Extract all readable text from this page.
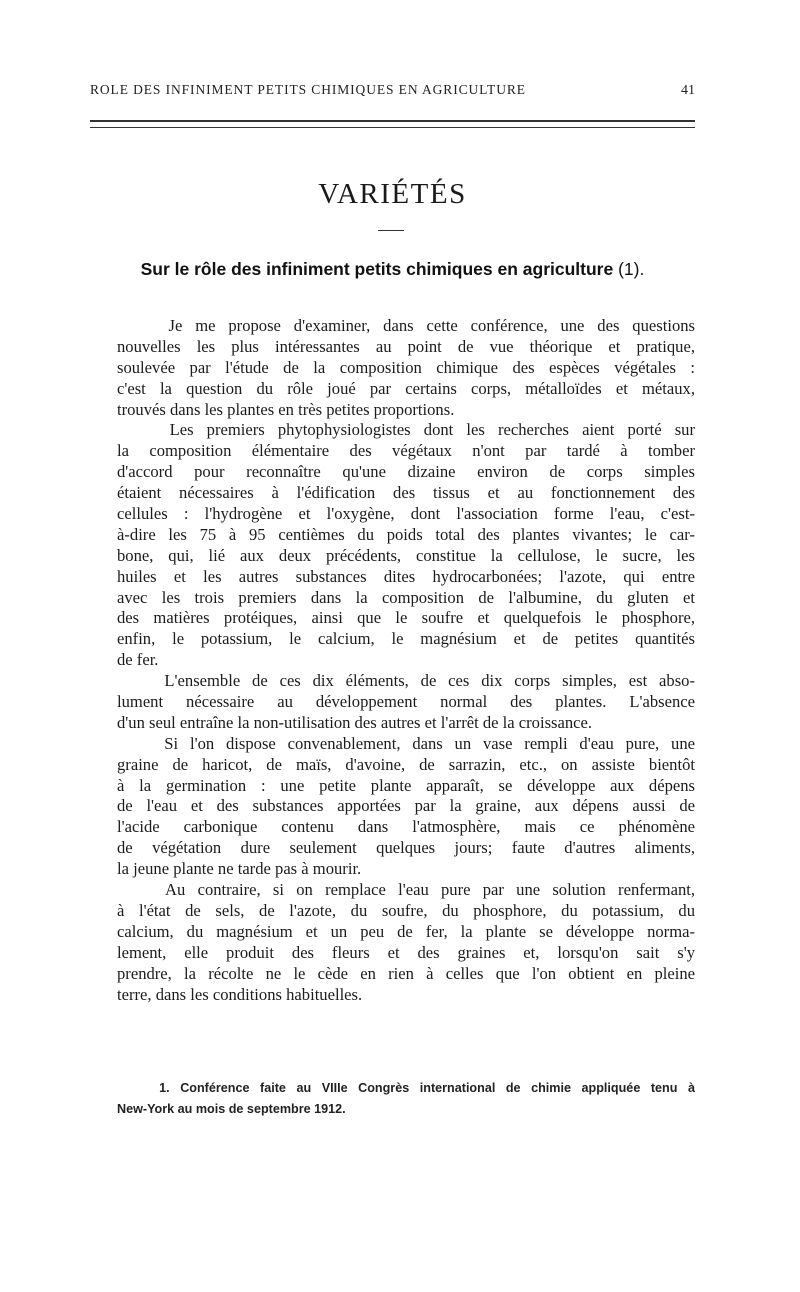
ROLE DES INFINIMENT PETITS CHIMIQUES EN AGRICULTURE	41
VARIÉTÉS
Sur le rôle des infiniment petits chimiques en agriculture (1).
Je me propose d'examiner, dans cette conférence, une des questions
nouvelles les plus intéressantes au point de vue théorique et pratique,
soulevée par l'étude de la composition chimique des espèces végétales :
c'est la question du rôle joué par certains corps, métalloïdes et métaux,
trouvés dans les plantes en très petites proportions.
Les premiers phytophysiologistes dont les recherches aient porté sur
la composition élémentaire des végétaux n'ont par tardé à tomber
d'accord pour reconnaître qu'une dizaine environ de corps simples
étaient nécessaires à l'édification des tissus et au fonctionnement des
cellules : l'hydrogène et l'oxygène, dont l'association forme l'eau, c'est-
à-dire les 75 à 95 centièmes du poids total des plantes vivantes; le car-
bone, qui, lié aux deux précédents, constitue la cellulose, le sucre, les
huiles et les autres substances dites hydrocarbonées; l'azote, qui entre
avec les trois premiers dans la composition de l'albumine, du gluten et
des matières protéiques, ainsi que le soufre et quelquefois le phosphore,
enfin, le potassium, le calcium, le magnésium et de petites quantités
de fer.
L'ensemble de ces dix éléments, de ces dix corps simples, est abso-
lument nécessaire au développement normal des plantes. L'absence
d'un seul entraîne la non-utilisation des autres et l'arrêt de la croissance.
Si l'on dispose convenablement, dans un vase rempli d'eau pure, une
graine de haricot, de maïs, d'avoine, de sarrazin, etc., on assiste bientôt
à la germination : une petite plante apparaît, se développe aux dépens
de l'eau et des substances apportées par la graine, aux dépens aussi de
l'acide carbonique contenu dans l'atmosphère, mais ce phénomène
de végétation dure seulement quelques jours; faute d'autres aliments,
la jeune plante ne tarde pas à mourir.
Au contraire, si on remplace l'eau pure par une solution renfermant,
à l'état de sels, de l'azote, du soufre, du phosphore, du potassium, du
calcium, du magnésium et un peu de fer, la plante se développe norma-
lement, elle produit des fleurs et des graines et, lorsqu'on sait s'y
prendre, la récolte ne le cède en rien à celles que l'on obtient en pleine
terre, dans les conditions habituelles.
1. Conférence faite au VIIIe Congrès international de chimie appliquée tenu à
New-York au mois de septembre 1912.
